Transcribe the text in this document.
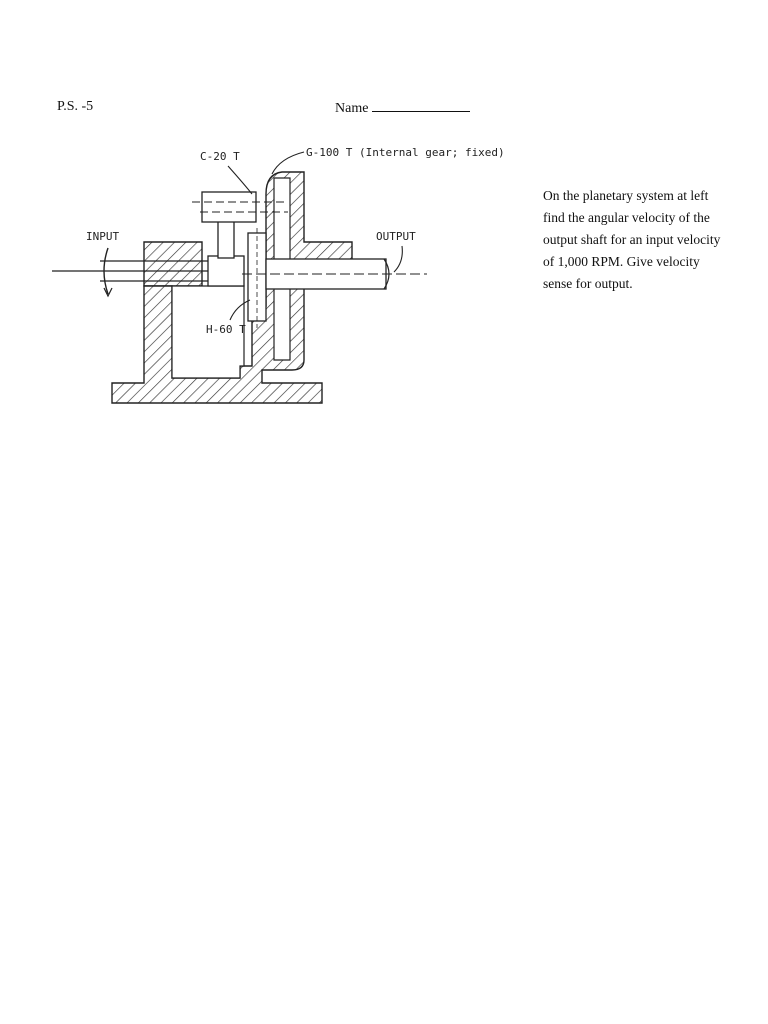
P.S. -5	Name
C-20 T	G-100 T (Internal gear; fixed)
INPUT	OUTPUT
H-60 T
On the planetary system at left find the angular velocity of the output shaft for an input velocity of 1,000 RPM. Give velocity sense for output.
